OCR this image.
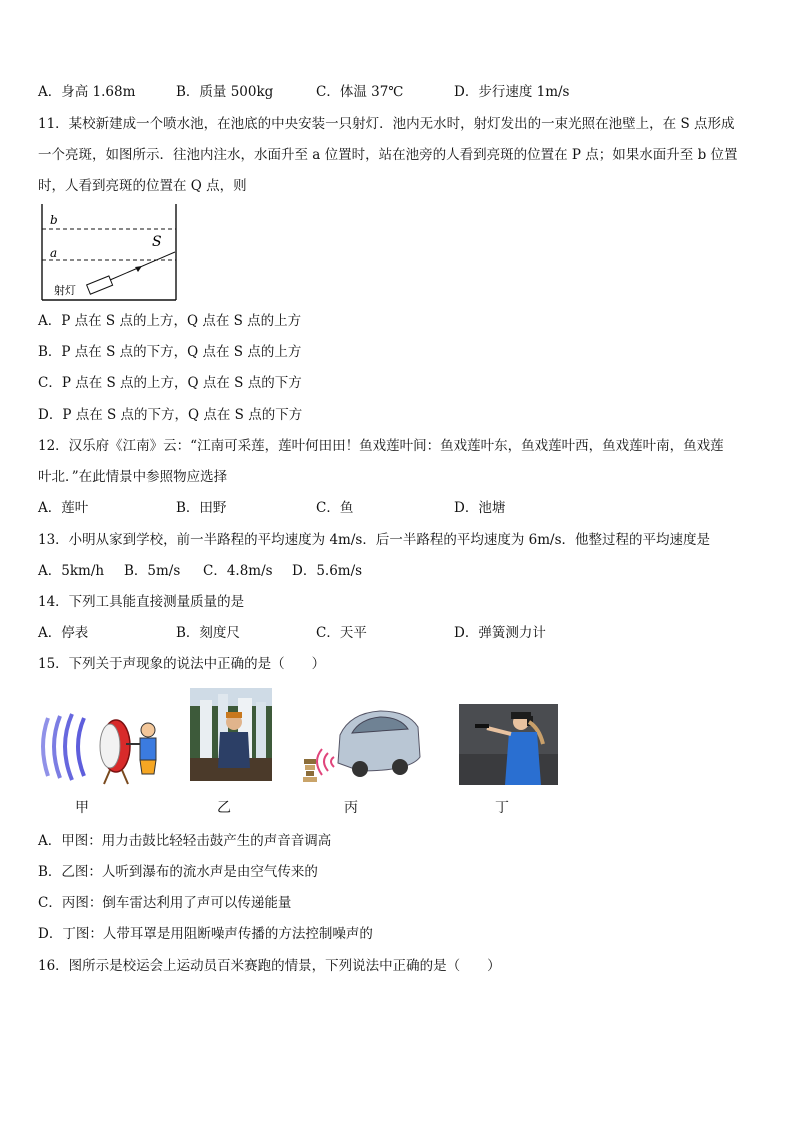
A．身高 1.68m	B．质量 500kg	C．体温 37℃	D．步行速度 1m/s
11．某校新建成一个喷水池，在池底的中央安装一只射灯．池内无水时，射灯发出的一束光照在池壁上，在 S 点形成
一个亮斑，如图所示．往池内注水，水面升至 a 位置时，站在池旁的人看到亮斑的位置在 P 点；如果水面升至 b 位置
时，人看到亮斑的位置在 Q 点，则
b
a
S
射灯
A．P 点在 S 点的上方，Q 点在 S 点的上方
B．P 点在 S 点的下方，Q 点在 S 点的上方
C．P 点在 S 点的上方，Q 点在 S 点的下方
D．P 点在 S 点的下方，Q 点在 S 点的下方
12．汉乐府《江南》云：“江南可采莲，莲叶何田田！鱼戏莲叶间：鱼戏莲叶东，鱼戏莲叶西，鱼戏莲叶南，鱼戏莲
叶北．”在此情景中参照物应选择
A．莲叶	B．田野	C．鱼	D．池塘
13．小明从家到学校，前一半路程的平均速度为 4m/s．后一半路程的平均速度为 6m/s．他整过程的平均速度是
A．5km/h B．5m/s C．4.8m/s D．5.6m/s
14．下列工具能直接测量质量的是
A．停表	B．刻度尺	C．天平	D．弹簧测力计
15．下列关于声现象的说法中正确的是（　　）
甲	乙	丙	丁
A．甲图：用力击鼓比轻轻击鼓产生的声音音调高
B．乙图：人听到瀑布的流水声是由空气传来的
C．丙图：倒车雷达利用了声可以传递能量
D．丁图：人带耳罩是用阻断噪声传播的方法控制噪声的
16．图所示是校运会上运动员百米赛跑的情景，下列说法中正确的是（　　）
